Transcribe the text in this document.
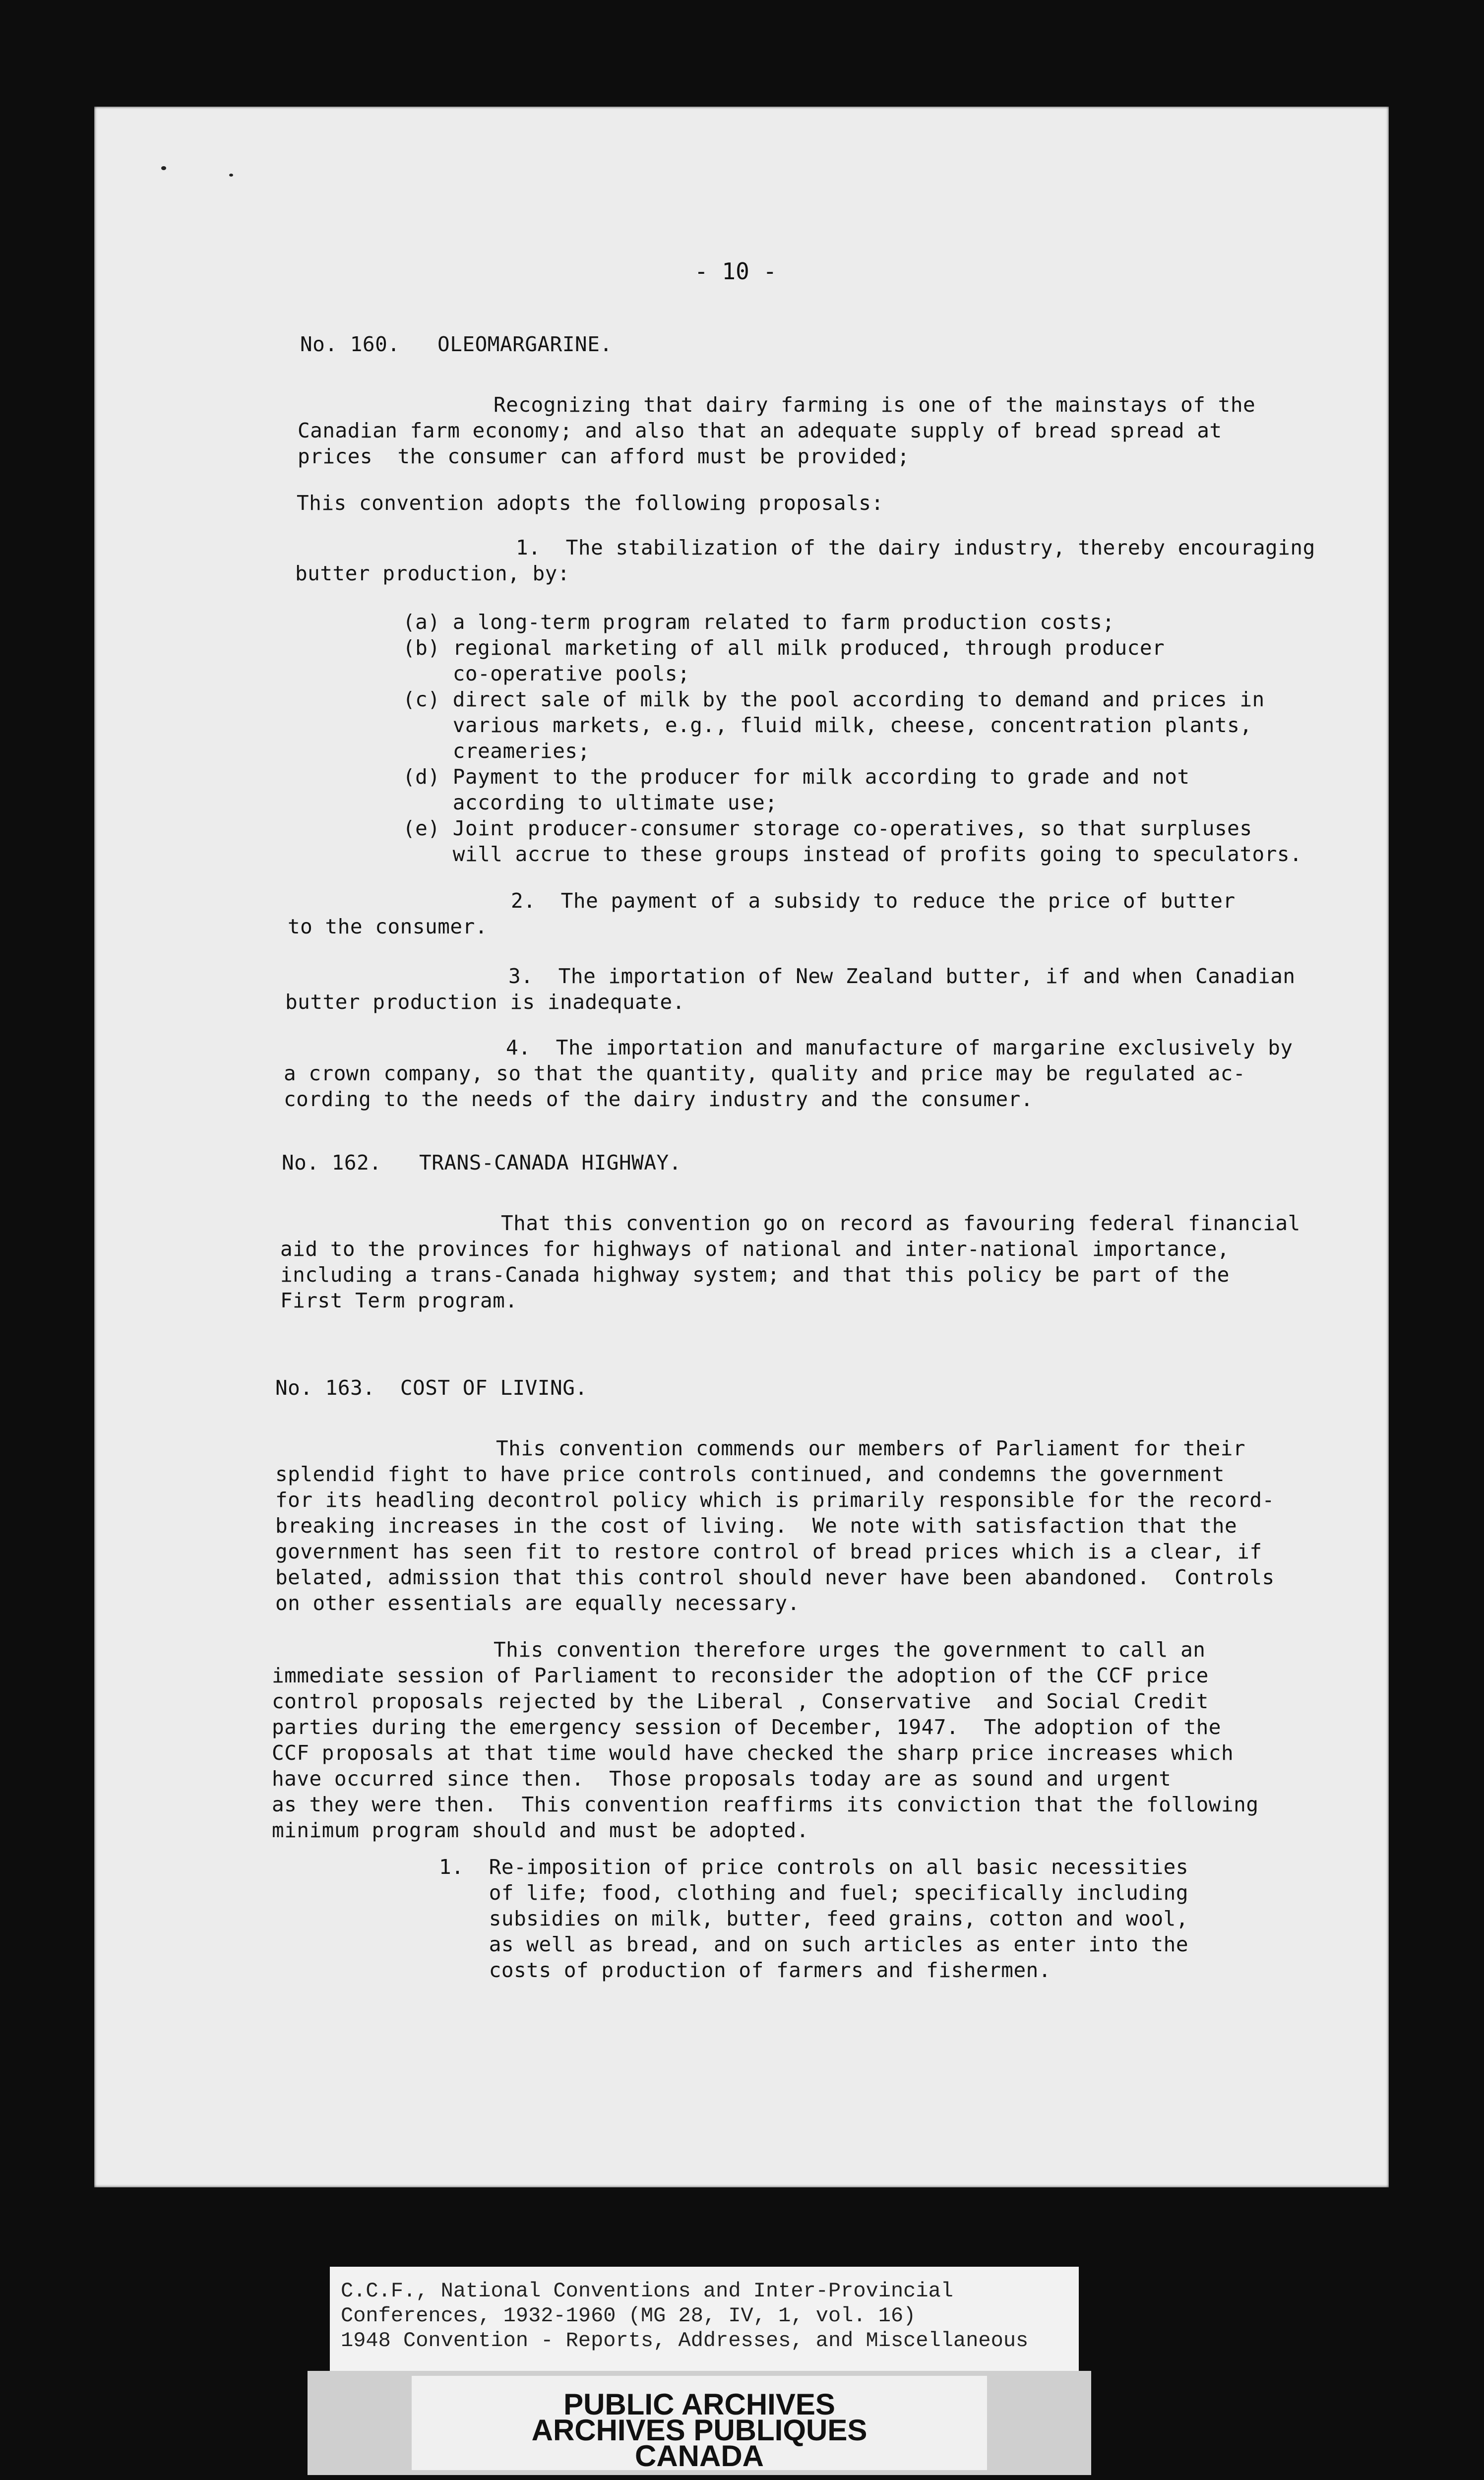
- 10 -
No. 160.   OLEOMARGARINE.
Recognizing that dairy farming is one of the mainstays of the
Canadian farm economy; and also that an adequate supply of bread spread at
prices  the consumer can afford must be provided;
This convention adopts the following proposals:
1.  The stabilization of the dairy industry, thereby encouraging
butter production, by:
(a) a long-term program related to farm production costs;
(b) regional marketing of all milk produced, through producer
co-operative pools;
(c) direct sale of milk by the pool according to demand and prices in
various markets, e.g., fluid milk, cheese, concentration plants,
creameries;
(d) Payment to the producer for milk according to grade and not
according to ultimate use;
(e) Joint producer-consumer storage co-operatives, so that surpluses
will accrue to these groups instead of profits going to speculators.
2.  The payment of a subsidy to reduce the price of butter
to the consumer.
3.  The importation of New Zealand butter, if and when Canadian
butter production is inadequate.
4.  The importation and manufacture of margarine exclusively by
a crown company, so that the quantity, quality and price may be regulated ac-
cording to the needs of the dairy industry and the consumer.
No. 162.   TRANS-CANADA HIGHWAY.
That this convention go on record as favouring federal financial
aid to the provinces for highways of national and inter-national importance,
including a trans-Canada highway system; and that this policy be part of the
First Term program.
No. 163.  COST OF LIVING.
This convention commends our members of Parliament for their
splendid fight to have price controls continued, and condemns the government
for its headling decontrol policy which is primarily responsible for the record-
breaking increases in the cost of living.  We note with satisfaction that the
government has seen fit to restore control of bread prices which is a clear, if
belated, admission that this control should never have been abandoned.  Controls
on other essentials are equally necessary.
This convention therefore urges the government to call an
immediate session of Parliament to reconsider the adoption of the CCF price
control proposals rejected by the Liberal , Conservative  and Social Credit
parties during the emergency session of December, 1947.  The adoption of the
CCF proposals at that time would have checked the sharp price increases which
have occurred since then.  Those proposals today are as sound and urgent
as they were then.  This convention reaffirms its conviction that the following
minimum program should and must be adopted.
1.  Re-imposition of price controls on all basic necessities
of life; food, clothing and fuel; specifically including
subsidies on milk, butter, feed grains, cotton and wool,
as well as bread, and on such articles as enter into the
costs of production of farmers and fishermen.
C.C.F., National Conventions and Inter-Provincial
Conferences, 1932-1960 (MG 28, IV, 1, vol. 16)
1948 Convention - Reports, Addresses, and Miscellaneous
PUBLIC ARCHIVES
ARCHIVES PUBLIQUES
CANADA
